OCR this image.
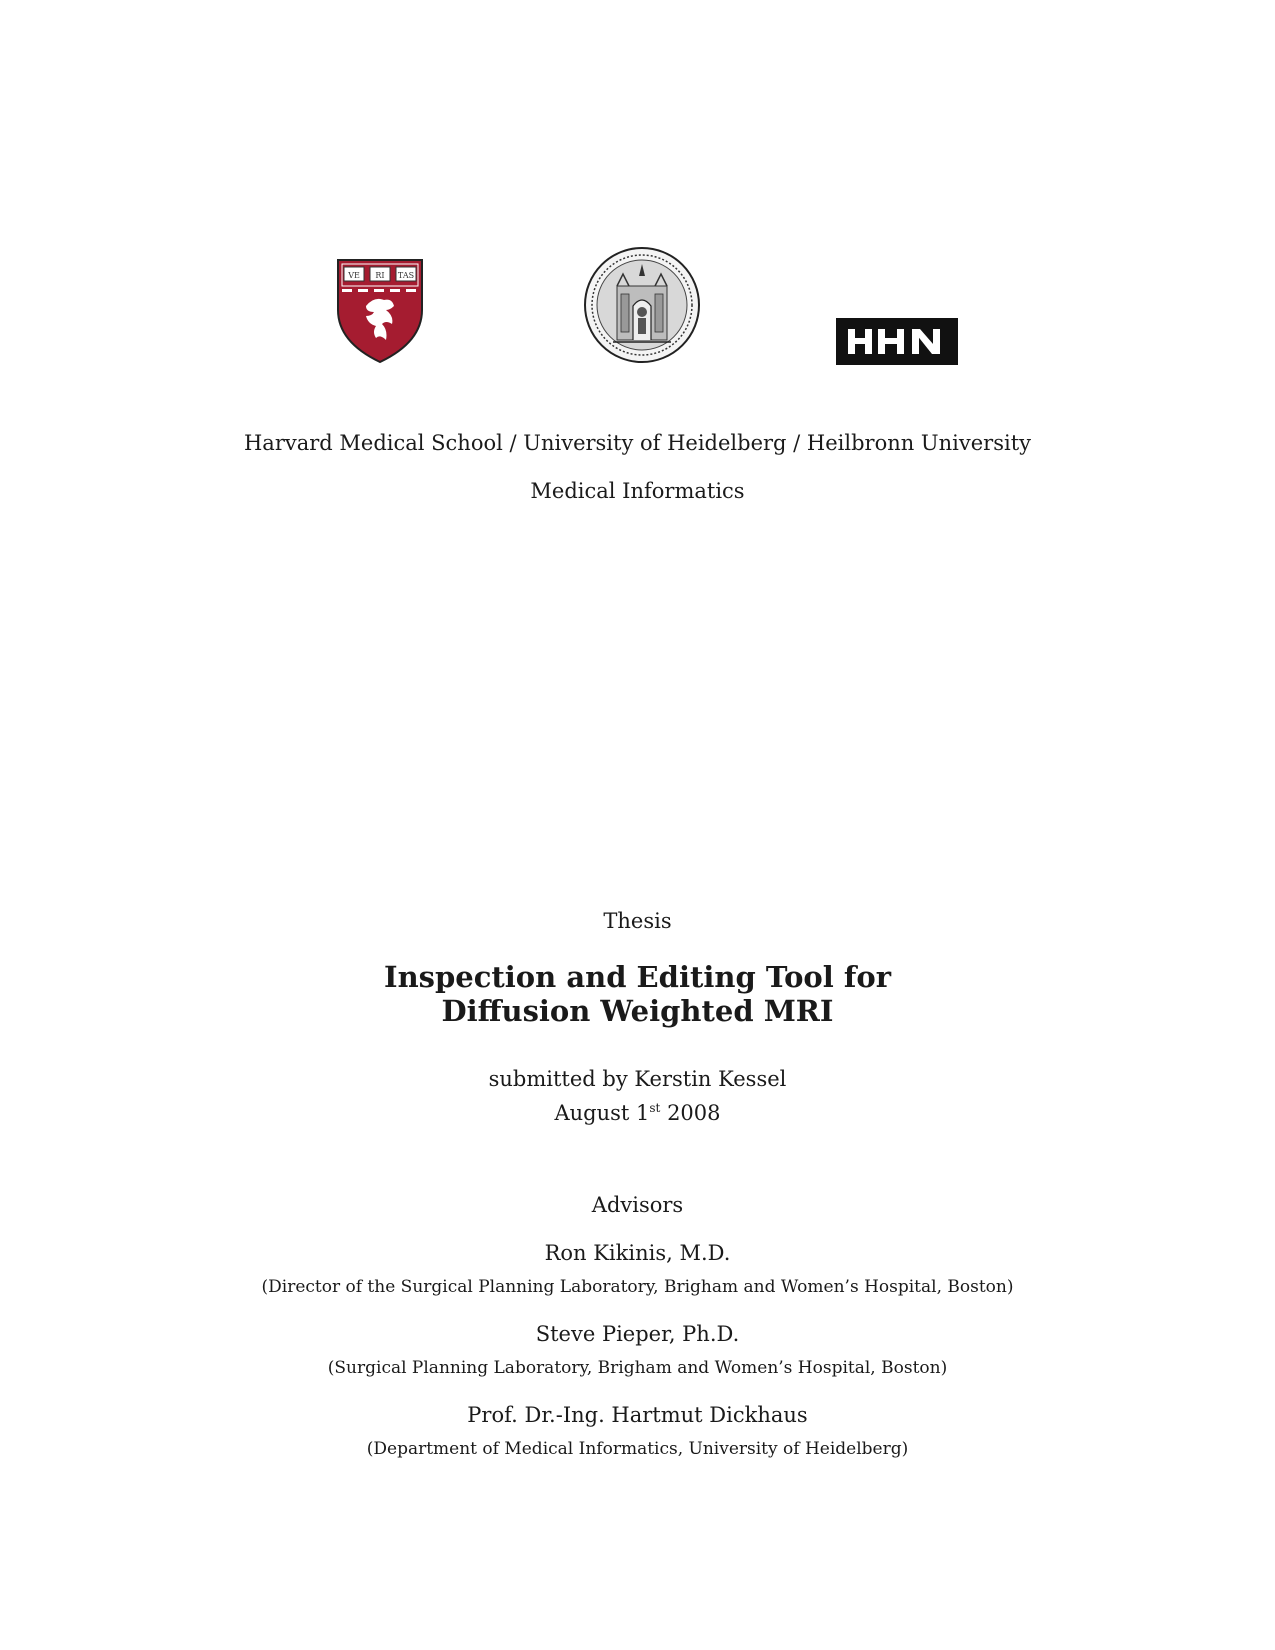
VE RI TAS
Harvard Medical School / University of Heidelberg / Heilbronn University
Medical Informatics
Thesis
Inspection and Editing Tool for
Diffusion Weighted MRI
submitted by Kerstin Kessel
August 1st 2008
Advisors
Ron Kikinis, M.D.
(Director of the Surgical Planning Laboratory, Brigham and Women’s Hospital, Boston)
Steve Pieper, Ph.D.
(Surgical Planning Laboratory, Brigham and Women’s Hospital, Boston)
Prof. Dr.-Ing. Hartmut Dickhaus
(Department of Medical Informatics, University of Heidelberg)
